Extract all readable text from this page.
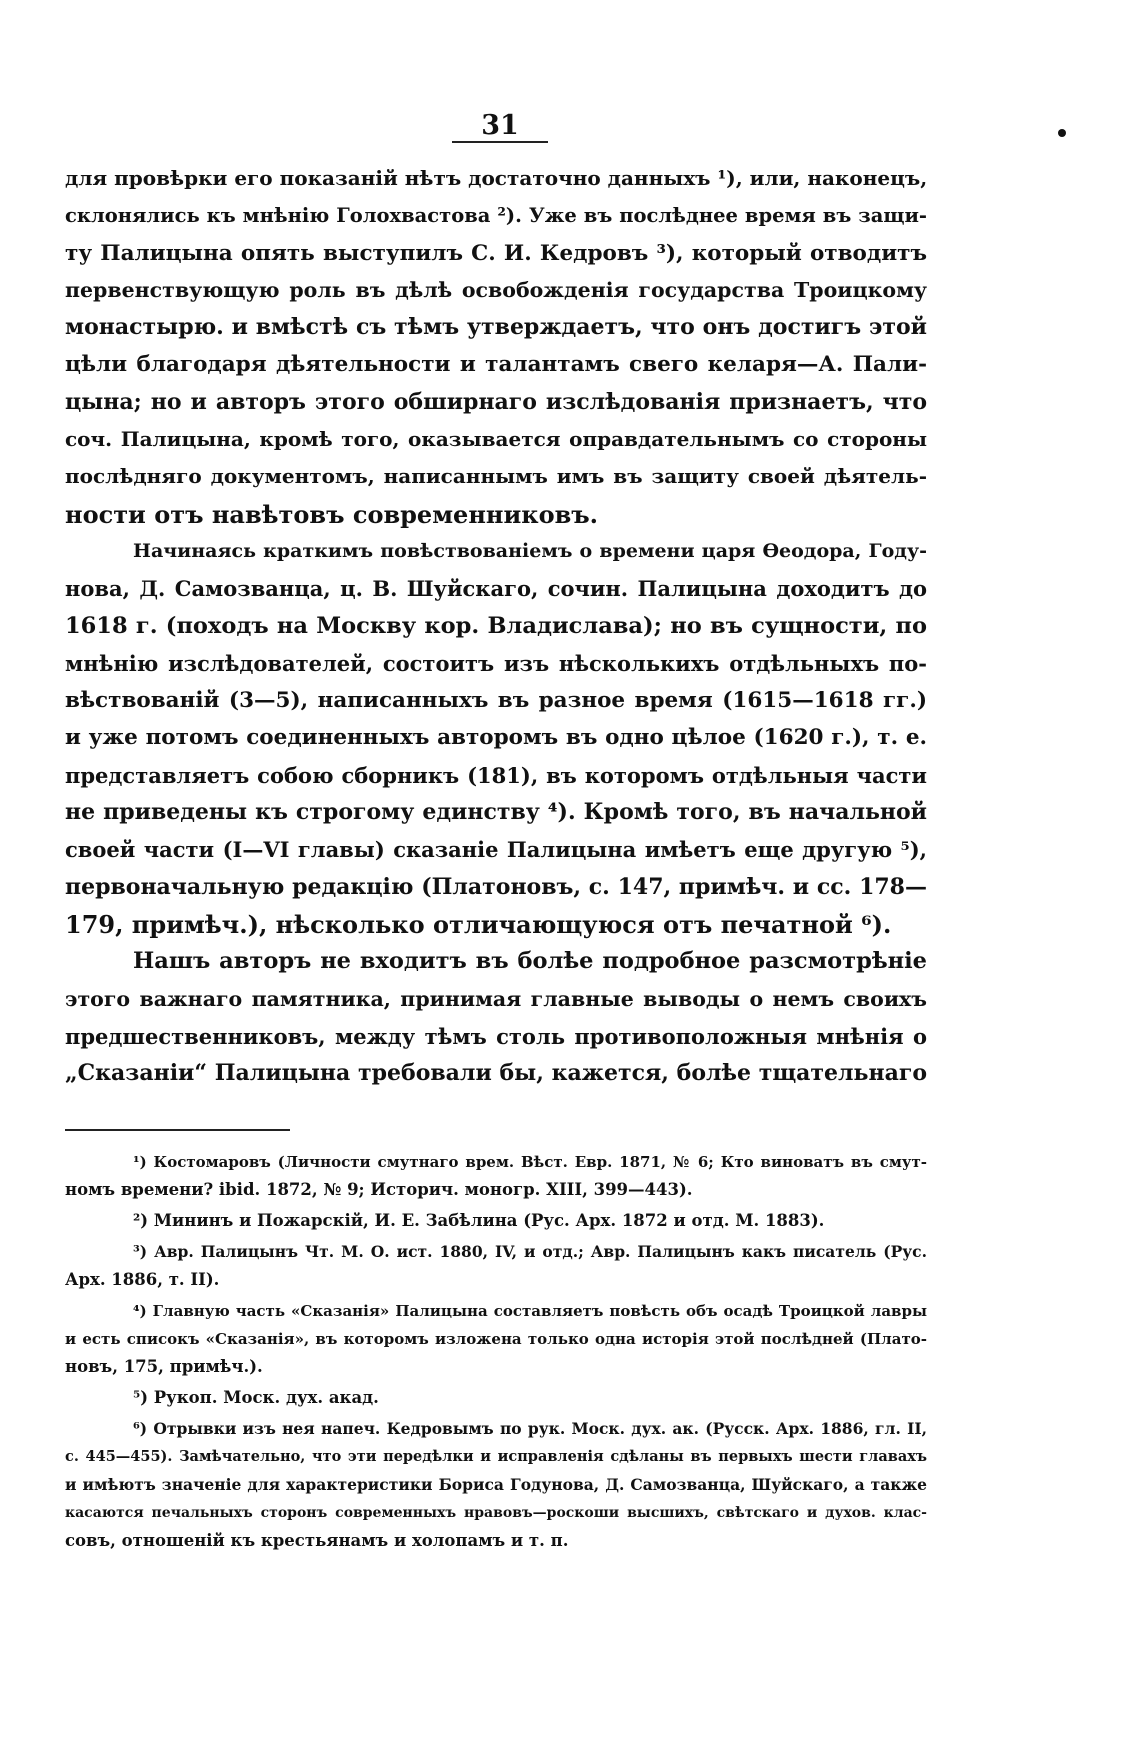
31
для провѣрки его показаній нѣтъ достаточно данныхъ ¹), или, наконецъ,
склонялись къ мнѣнію Голохвастова ²). Уже въ послѣднее время въ защи-
ту Палицына опять выступилъ С. И. Кедровъ ³), который отводитъ
первенствующую роль въ дѣлѣ освобожденія государства Троицкому
монастырю. и вмѣстѣ съ тѣмъ утверждаетъ, что онъ достигъ этой
цѣли благодаря дѣятельности и талантамъ свего келаря—А. Пали-
цына; но и авторъ этого обширнаго изслѣдованія признаетъ, что
соч. Палицына, кромѣ того, оказывается оправдательнымъ со стороны
послѣдняго документомъ, написаннымъ имъ въ защиту своей дѣятель-
ности отъ навѣтовъ современниковъ.
Начинаясь краткимъ повѣствованіемъ о времени царя Өеодора, Году-
нова, Д. Самозванца, ц. В. Шуйскаго, сочин. Палицына доходитъ до
1618 г. (походъ на Москву кор. Владислава); но въ сущности, по
мнѣнію изслѣдователей, состоитъ изъ нѣсколькихъ отдѣльныхъ по-
вѣствованій (3—5), написанныхъ въ разное время (1615—1618 гг.)
и уже потомъ соединенныхъ авторомъ въ одно цѣлое (1620 г.), т. е.
представляетъ собою сборникъ (181), въ которомъ отдѣльныя части
не приведены къ строгому единству ⁴). Кромѣ того, въ начальной
своей части (I—VI главы) сказаніе Палицына имѣетъ еще другую ⁵),
первоначальную редакцію (Платоновъ, с. 147, примѣч. и сс. 178—
179, примѣч.), нѣсколько отличающуюся отъ печатной ⁶).
Нашъ авторъ не входитъ въ болѣе подробное разсмотрѣніе
этого важнаго памятника, принимая главные выводы о немъ своихъ
предшественниковъ, между тѣмъ столь противоположныя мнѣнія о
„Сказаніи“ Палицына требовали бы, кажется, болѣе тщательнаго
¹) Костомаровъ (Личности смутнаго врем. Вѣст. Евр. 1871, № 6; Кто виноватъ въ смут-
номъ времени? ibid. 1872, № 9; Историч. моногр. XIII, 399—443).
²) Мининъ и Пожарскій, И. Е. Забѣлина (Рус. Арх. 1872 и отд. М. 1883).
³) Авр. Палицынъ Чт. М. О. ист. 1880, IV, и отд.; Авр. Палицынъ какъ писатель (Рус.
Арх. 1886, т. II).
⁴) Главную часть «Сказанія» Палицына составляетъ повѣсть объ осадѣ Троицкой лавры
и есть списокъ «Сказанія», въ которомъ изложена только одна исторія этой послѣдней (Плато-
новъ, 175, примѣч.).
⁵) Рукоп. Моск. дух. акад.
⁶) Отрывки изъ нея напеч. Кедровымъ по рук. Моск. дух. ак. (Русск. Арх. 1886, гл. II,
с. 445—455). Замѣчательно, что эти передѣлки и исправленія сдѣланы въ первыхъ шести главахъ
и имѣютъ значеніе для характеристики Бориса Годунова, Д. Самозванца, Шуйскаго, а также
касаются печальныхъ сторонъ современныхъ нравовъ—роскоши высшихъ, свѣтскаго и духов. клас-
совъ, отношеній къ крестьянамъ и холопамъ и т. п.
